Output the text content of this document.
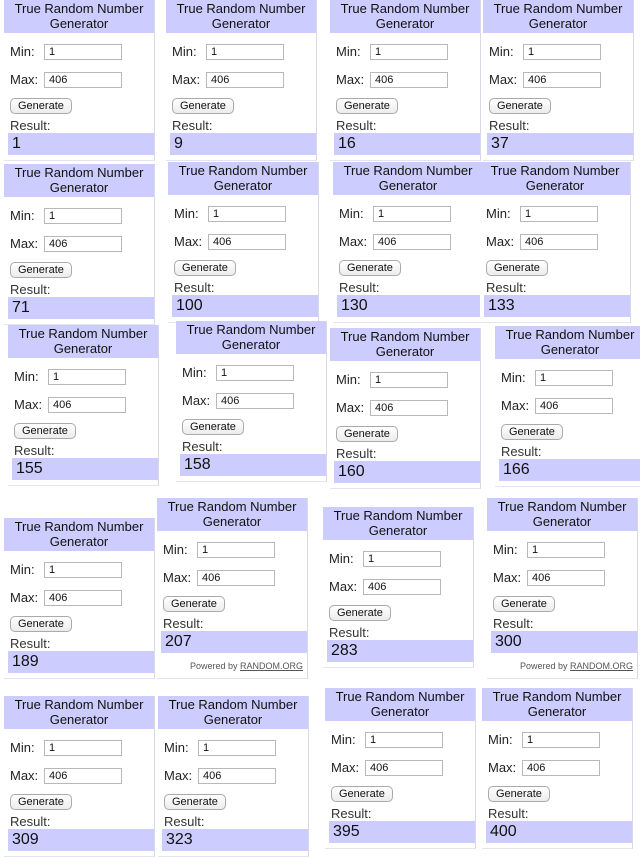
True Random Number Generator
Min:
1
Max:
406
Generate
Result:
1
True Random Number Generator
Min:
1
Max:
406
Generate
Result:
9
True Random Number Generator
Min:
1
Max:
406
Generate
Result:
16
True Random Number Generator
Min:
1
Max:
406
Generate
Result:
37
True Random Number Generator
Min:
1
Max:
406
Generate
Result:
71
True Random Number Generator
Min:
1
Max:
406
Generate
Result:
100
True Random Number Generator
Min:
1
Max:
406
Generate
Result:
130
True Random Number Generator
Min:
1
Max:
406
Generate
Result:
133
True Random Number Generator
Min:
1
Max:
406
Generate
Result:
155
True Random Number Generator
Min:
1
Max:
406
Generate
Result:
158
True Random Number Generator
Min:
1
Max:
406
Generate
Result:
160
True Random Number Generator
Min:
1
Max:
406
Generate
Result:
166
True Random Number Generator
Min:
1
Max:
406
Generate
Result:
189
True Random Number Generator
Min:
1
Max:
406
Generate
Result:
207
Powered by RANDOM.ORG
True Random Number Generator
Min:
1
Max:
406
Generate
Result:
283
True Random Number Generator
Min:
1
Max:
406
Generate
Result:
300
Powered by RANDOM.ORG
True Random Number Generator
Min:
1
Max:
406
Generate
Result:
309
True Random Number Generator
Min:
1
Max:
406
Generate
Result:
323
True Random Number Generator
Min:
1
Max:
406
Generate
Result:
395
True Random Number Generator
Min:
1
Max:
406
Generate
Result:
400
